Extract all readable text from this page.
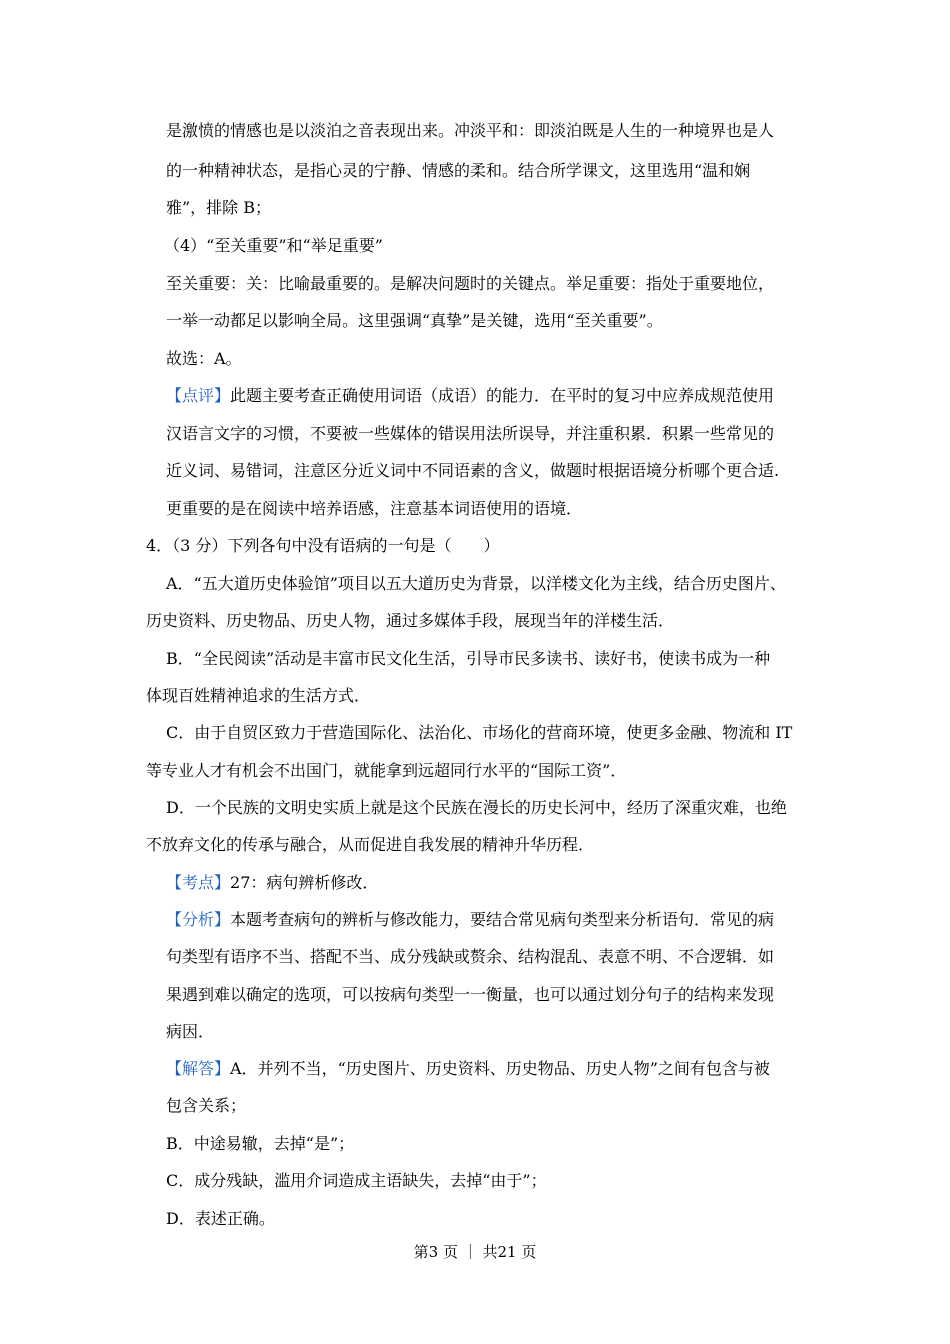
是激愤的情感也是以淡泊之音表现出来。冲淡平和：即淡泊既是人生的一种境界也是人
的一种精神状态，是指心灵的宁静、情感的柔和。结合所学课文，这里选用“温和娴
雅”，排除 B；
（4）“至关重要”和“举足重要”
至关重要：关：比喻最重要的。是解决问题时的关键点。举足重要：指处于重要地位，
一举一动都足以影响全局。这里强调“真挚”是关键，选用“至关重要”。
故选：A。
【点评】此题主要考查正确使用词语（成语）的能力．在平时的复习中应养成规范使用
汉语言文字的习惯，不要被一些媒体的错误用法所误导，并注重积累．积累一些常见的
近义词、易错词，注意区分近义词中不同语素的含义，做题时根据语境分析哪个更合适.
更重要的是在阅读中培养语感，注意基本词语使用的语境．
4．（3 分）下列各句中没有语病的一句是（　　）
A．“五大道历史体验馆”项目以五大道历史为背景，以洋楼文化为主线，结合历史图片、
历史资料、历史物品、历史人物，通过多媒体手段，展现当年的洋楼生活．
B．“全民阅读”活动是丰富市民文化生活，引导市民多读书、读好书，使读书成为一种
体现百姓精神追求的生活方式．
C．由于自贸区致力于营造国际化、法治化、市场化的营商环境，使更多金融、物流和 IT
等专业人才有机会不出国门，就能拿到远超同行水平的“国际工资”．
D．一个民族的文明史实质上就是这个民族在漫长的历史长河中，经历了深重灾难，也绝
不放弃文化的传承与融合，从而促进自我发展的精神升华历程．
【考点】27：病句辨析修改．
【分析】本题考查病句的辨析与修改能力，要结合常见病句类型来分析语句．常见的病
句类型有语序不当、搭配不当、成分残缺或赘余、结构混乱、表意不明、不合逻辑．如
果遇到难以确定的选项，可以按病句类型一一衡量，也可以通过划分句子的结构来发现
病因．
【解答】A．并列不当，“历史图片、历史资料、历史物品、历史人物”之间有包含与被
包含关系；
B．中途易辙，去掉“是”；
C．成分残缺，滥用介词造成主语缺失，去掉“由于”；
D．表述正确。
第3 页 ｜ 共21 页
